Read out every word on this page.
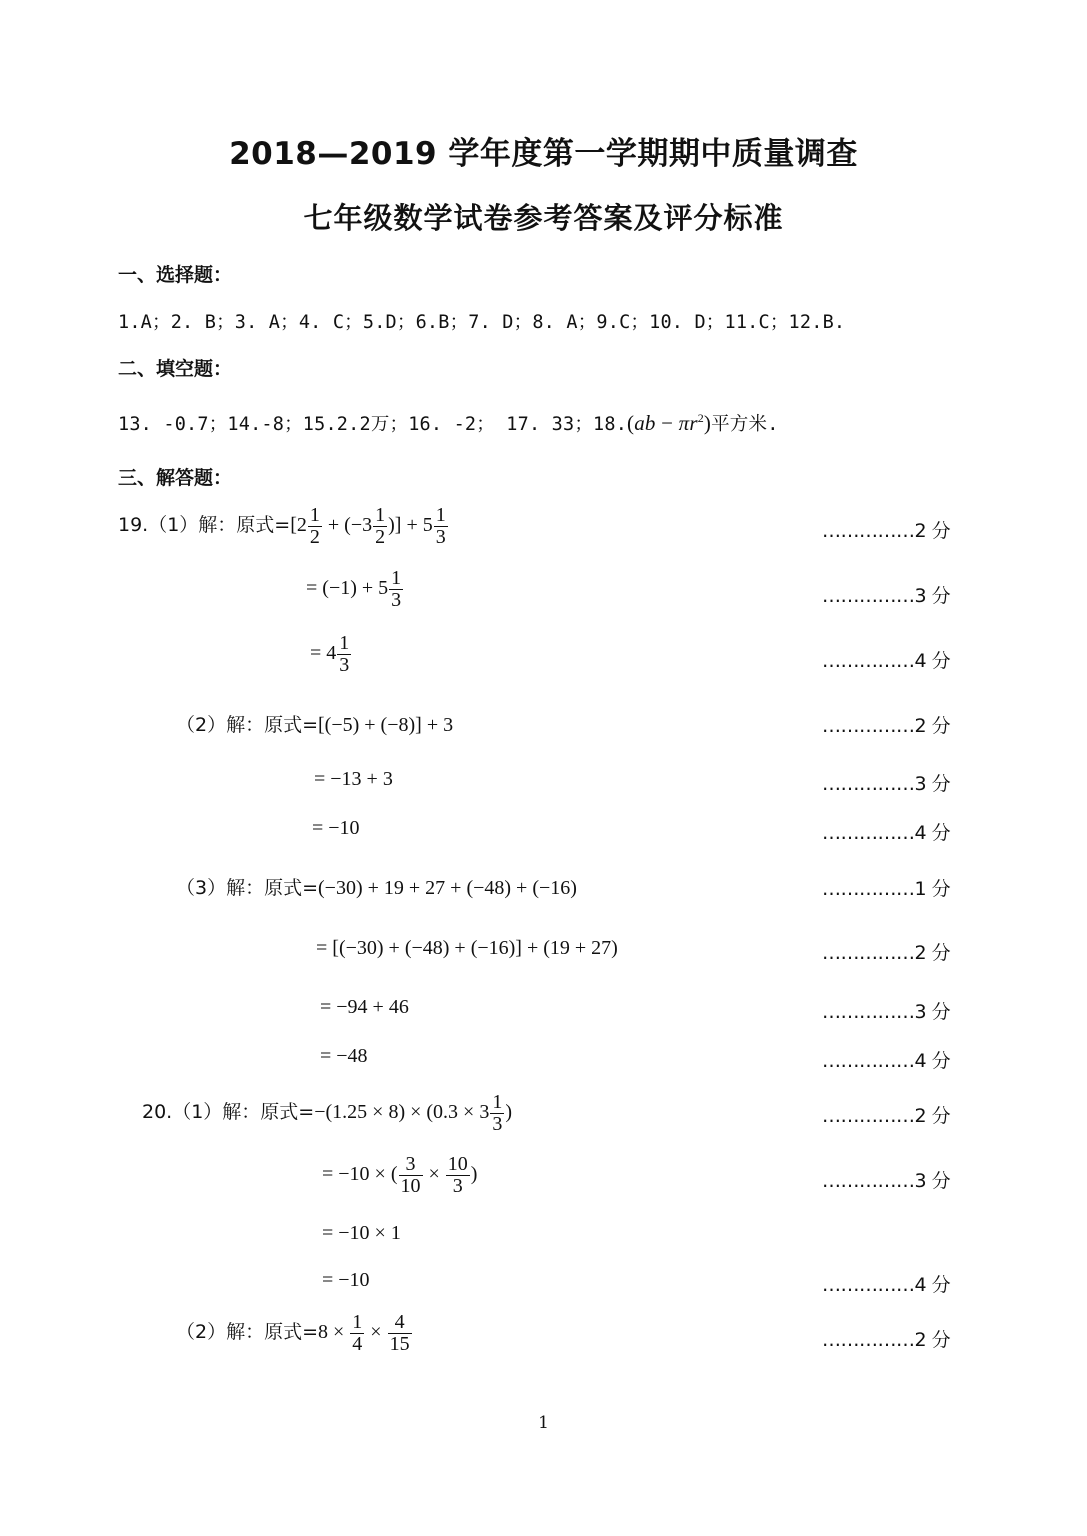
2018—2019 学年度第一学期期中质量调查
七年级数学试卷参考答案及评分标准
一、选择题：
1.A；2. B；3. A；4. C；5.D；6.B；7. D；8. A；9.C；10. D；11.C；12.B.
二、填空题：
13. -0.7；14.-8；15.2.2万；16. -2； 17. 33；$18.(ab - \pi r^2)$平方米.
三、解答题：
19.（1）解：原式$=[2 \frac{1}{2} + (-3 \frac{1}{2}$ )] + $5 \frac{1}{3}$	……………2 分
= $(-1) + 5 \frac{1}{3}$	……………3 分
= $4 \frac{1}{3}$	……………4 分
（2）解：原式=[(−5) + (−8)] + 3	……………2 分
= −13 + 3	……………3 分
= −10	……………4 分
（3）解：原式=(−30) + 19 + 27 + (−48) + (−16)	……………1 分
= [(−30) + (−48) + (−16)] + (19 + 27)	……………2 分
= −94 + 46	……………3 分
= −48	……………4 分
20.（1）解：原式$=-(1.25 \times 8) \times (0.3 \times 3 \frac{1}{3}$ )	……………2 分
= −10 × ( $\frac{3}{10} \times \frac{10}{3}$ )	……………3 分
= −10 × 1
= −10	……………4 分
（2）解：原式$=8 \times \frac{1}{4} \times \frac{4}{15}$	……………2 分
1
